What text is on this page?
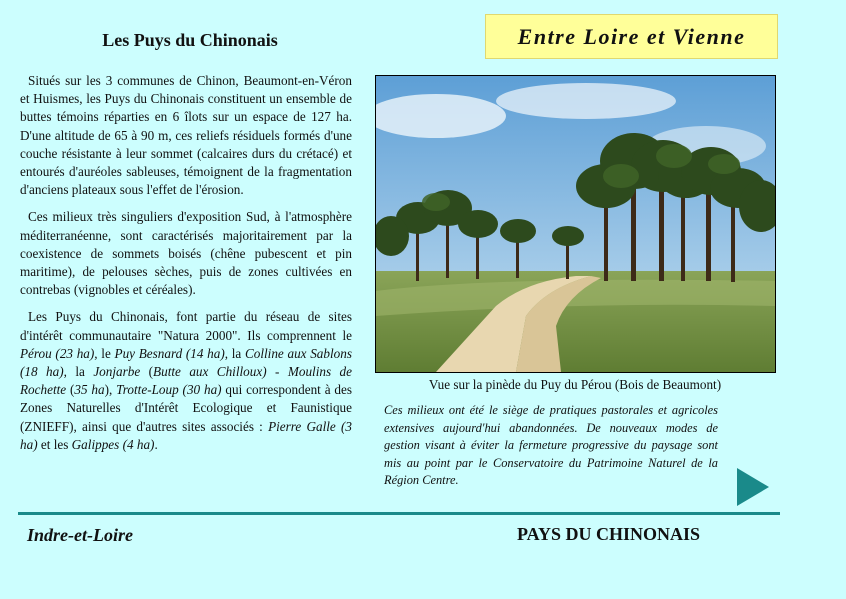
Les Puys du Chinonais	Entre Loire et Vienne

Situés sur les 3 communes de Chinon, Beaumont-en-Véron et Huismes, les Puys du Chinonais constituent un ensemble de buttes témoins réparties en 6 îlots sur un espace de 127 ha. D'une altitude de 65 à 90 m, ces reliefs résiduels formés d'une couche résistante à leur sommet (calcaires durs du crétacé) et entourés d'auréoles sableuses, témoignent de la fragmentation d'anciens plateaux sous l'effet de l'érosion.

Ces milieux très singuliers d'exposition Sud, à l'atmosphère méditerranéenne, sont caractérisés majoritairement par la coexistence de sommets boisés (chêne pubescent et pin maritime), de pelouses sèches, puis de zones cultivées en contrebas (vignobles et céréales).

Les Puys du Chinonais, font partie du réseau de sites d'intérêt communautaire "Natura 2000". Ils comprennent le Pérou (23 ha), le Puy Besnard (14 ha), la Colline aux Sablons (18 ha), la Jonjarbe (Butte aux Chilloux) - Moulins de Rochette (35 ha), Trotte-Loup (30 ha) qui correspondent à des Zones Naturelles d'Intérêt Ecologique et Faunistique (ZNIEFF), ainsi que d'autres sites associés : Pierre Galle (3 ha) et les Galippes (4 ha).

Vue sur la pinède du Puy du Pérou (Bois de Beaumont)
Ces milieux ont été le siège de pratiques pastorales et agricoles extensives aujourd'hui abandonnées. De nouveaux modes de gestion visant à éviter la fermeture progressive du paysage sont mis au point par le Conservatoire du Patrimoine Naturel de la Région Centre.
Indre-et-Loire	PAYS DU CHINONAIS
